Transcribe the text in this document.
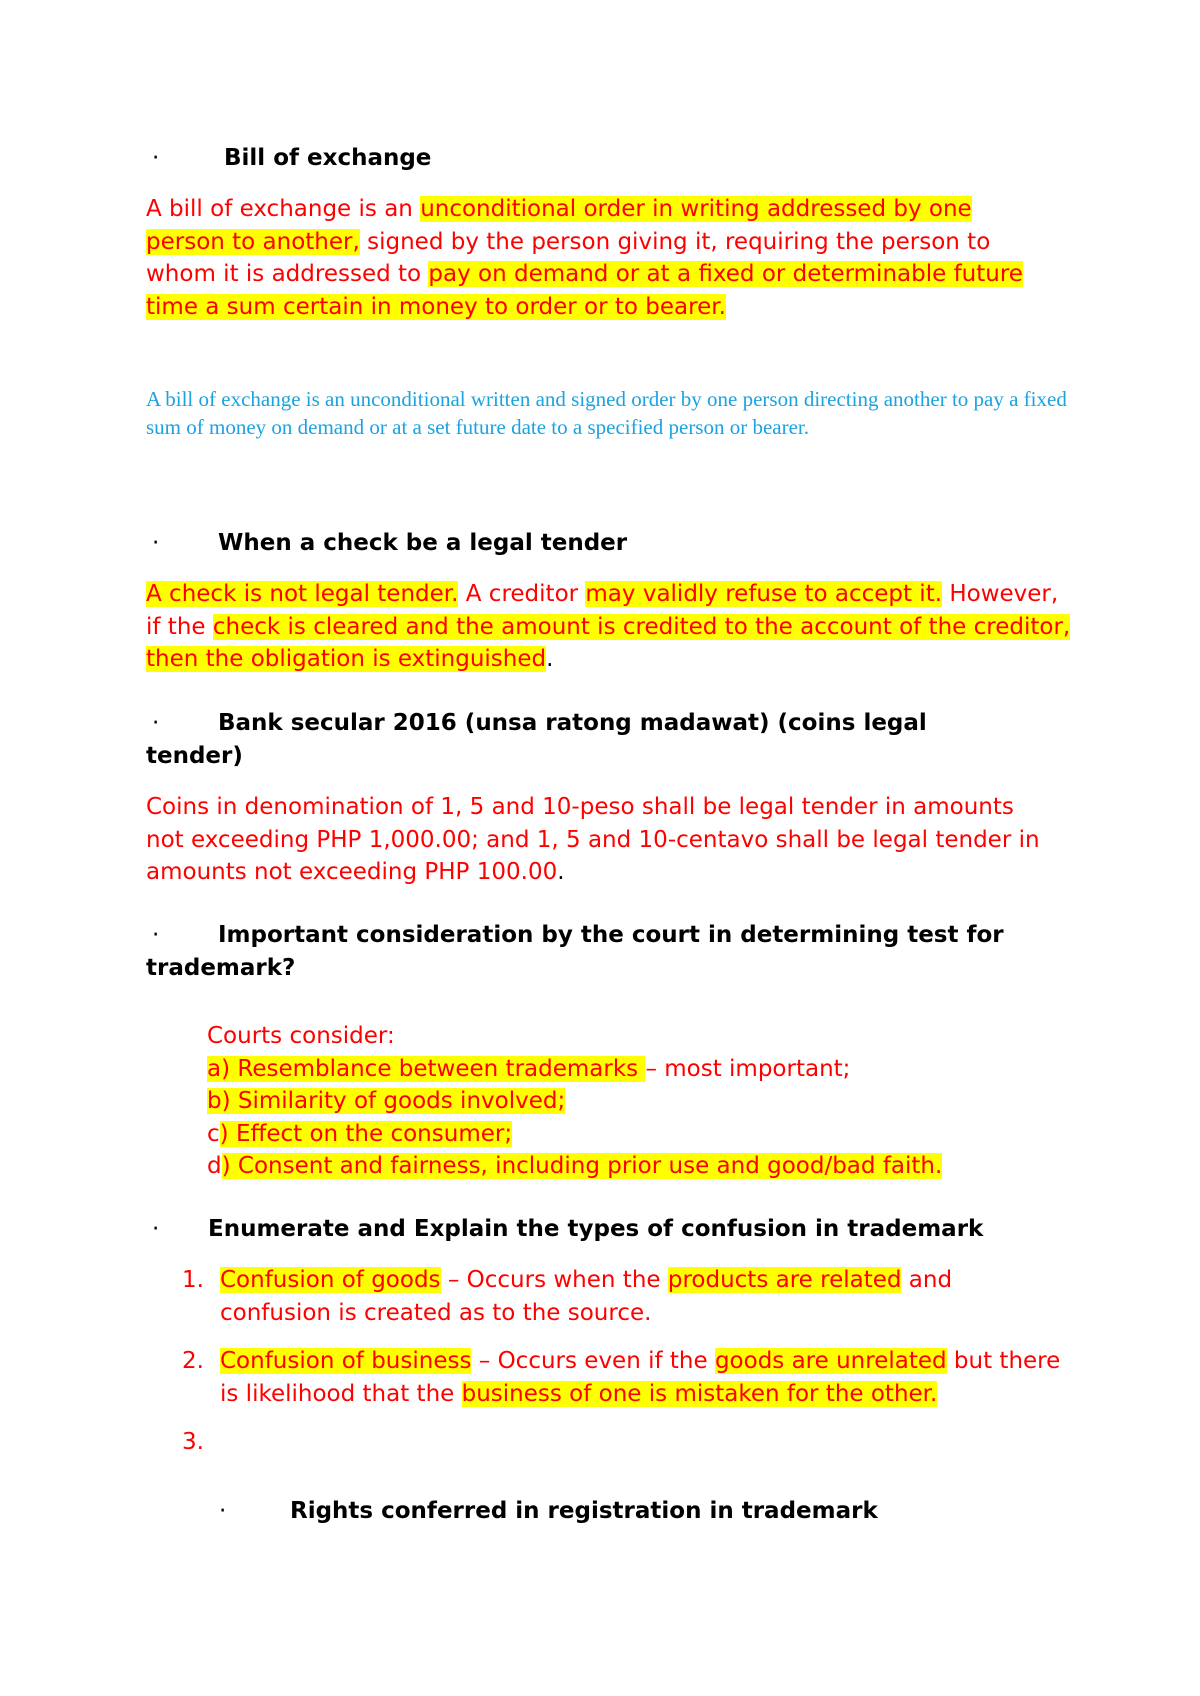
·	Bill of exchange
A bill of exchange is an unconditional order in writing addressed by one person to another, signed by the person giving it, requiring the person to whom it is addressed to pay on demand or at a fixed or determinable future time a sum certain in money to order or to bearer.
A bill of exchange is an unconditional written and signed order by one person directing another to pay a fixed sum of money on demand or at a set future date to a specified person or bearer.
·	When a check be a legal tender
A check is not legal tender. A creditor may validly refuse to accept it. However, if the check is cleared and the amount is credited to the account of the creditor, then the obligation is extinguished.
·	Bank secular 2016 (unsa ratong madawat) (coins legal tender)
Coins in denomination of 1, 5 and 10-peso shall be legal tender in amounts not exceeding PHP 1,000.00; and 1, 5 and 10-centavo shall be legal tender in amounts not exceeding PHP 100.00.
·	Important consideration by the court in determining test for trademark?
Courts consider:
a) Resemblance between trademarks – most important;
b) Similarity of goods involved;
c) Effect on the consumer;
d) Consent and fairness, including prior use and good/bad faith.
·	Enumerate and Explain the types of confusion in trademark
1. Confusion of goods – Occurs when the products are related and confusion is created as to the source.
2. Confusion of business – Occurs even if the goods are unrelated but there is likelihood that the business of one is mistaken for the other.
3.
·	Rights conferred in registration in trademark
